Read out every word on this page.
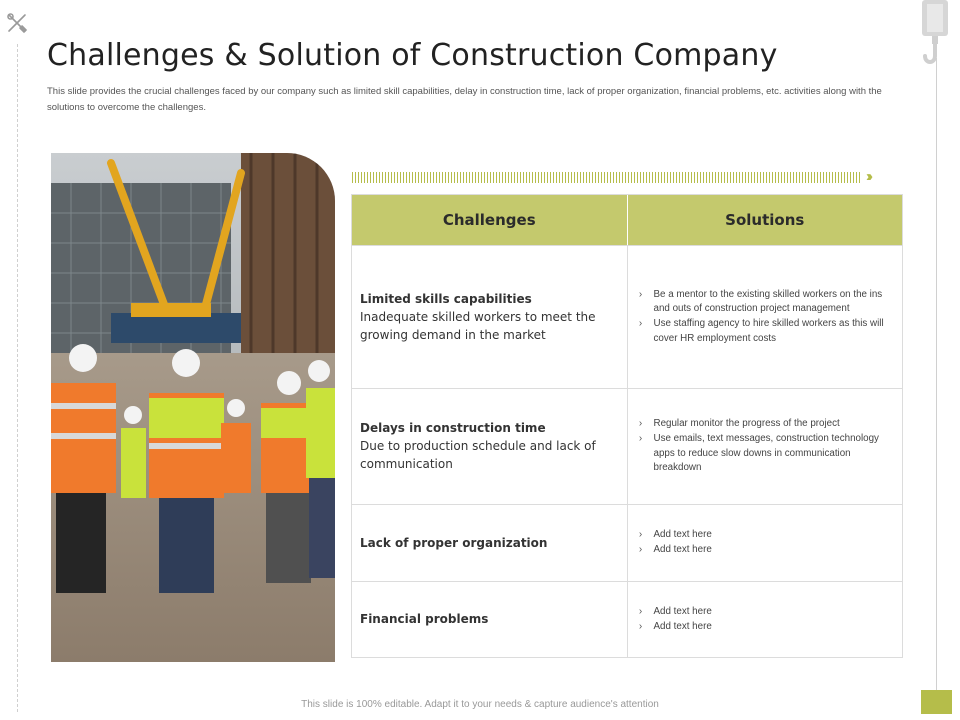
Challenges & Solution of Construction Company

This slide provides the crucial challenges faced by our company such as limited skill capabilities, delay in construction time, lack of proper organization, financial problems, etc. activities along with the solutions to overcome the challenges.

›››
Challenges	Solutions
Limited skills capabilities
Inadequate skilled workers to meet the growing demand in the market
›	Be a mentor to the existing skilled workers on the ins and outs of construction project management
›	Use staffing agency to hire skilled workers as this will cover HR employment costs
Delays in construction time
Due to production schedule and lack of communication
›	Regular monitor the progress of the project
›	Use emails, text messages, construction technology apps to reduce slow downs in communication breakdown
Lack of proper organization
›	Add text here
›	Add text here
Financial problems
›	Add text here
›	Add text here
This slide is 100% editable. Adapt it to your needs & capture audience's attention
